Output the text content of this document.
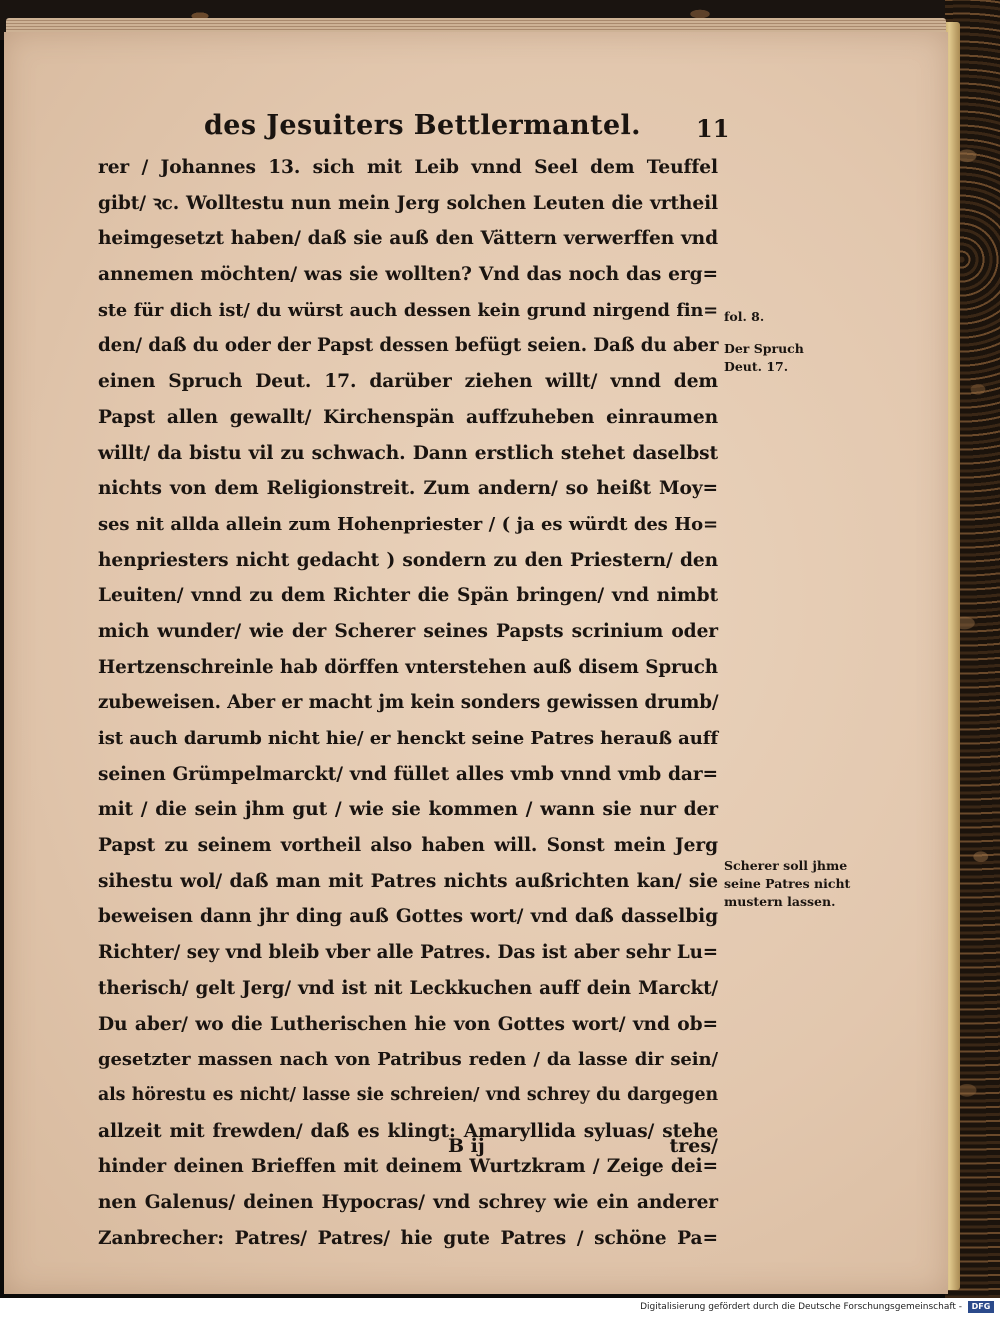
des Jesuiters Bettlermantel. 11
rer / Johannes 13. sich mit Leib vnnd Seel dem Teuffel
gibt/ ꝛc. Wolltestu nun mein Jerg solchen Leuten die vrtheil
heimgesetzt haben/ daß sie auß den Vättern verwerffen vnd
annemen möchten/ was sie wollten? Vnd das noch das erg=
ste für dich ist/ du würst auch dessen kein grund nirgend fin=
den/ daß du oder der Papst dessen befügt seien. Daß du aber
einen Spruch Deut. 17. darüber ziehen willt/ vnnd dem
Papst allen gewallt/ Kirchenspän auffzuheben einraumen
willt/ da bistu vil zu schwach. Dann erstlich stehet daselbst
nichts von dem Religionstreit. Zum andern/ so heißt Moy=
ses nit allda allein zum Hohenpriester / ( ja es würdt des Ho=
henpriesters nicht gedacht ) sondern zu den Priestern/ den
Leuiten/ vnnd zu dem Richter die Spän bringen/ vnd nimbt
mich wunder/ wie der Scherer seines Papsts scrinium oder
Hertzenschreinle hab dörffen vnterstehen auß disem Spruch
zubeweisen. Aber er macht jm kein sonders gewissen drumb/
ist auch darumb nicht hie/ er henckt seine Patres herauß auff
seinen Grümpelmarckt/ vnd füllet alles vmb vnnd vmb dar=
mit / die sein jhm gut / wie sie kommen / wann sie nur der
Papst zu seinem vortheil also haben will. Sonst mein Jerg
sihestu wol/ daß man mit Patres nichts außrichten kan/ sie
beweisen dann jhr ding auß Gottes wort/ vnd daß dasselbig
Richter/ sey vnd bleib vber alle Patres. Das ist aber sehr Lu=
therisch/ gelt Jerg/ vnd ist nit Leckkuchen auff dein Marckt/
Du aber/ wo die Lutherischen hie von Gottes wort/ vnd ob=
gesetzter massen nach von Patribus reden / da lasse dir sein/
als hörestu es nicht/ lasse sie schreien/ vnd schrey du dargegen
allzeit mit frewden/ daß es klingt: Amaryllida syluas/ stehe
hinder deinen Brieffen mit deinem Wurtzkram / Zeige dei=
nen Galenus/ deinen Hypocras/ vnd schrey wie ein anderer
Zanbrecher: Patres/ Patres/ hie gute Patres / schöne Pa=
B ij	tres/
fol. 8.
Der Spruch
Deut. 17.
Scherer soll jhme
seine Patres nicht
mustern lassen.
Digitalisierung gefördert durch die Deutsche Forschungsgemeinschaft -	DFG
